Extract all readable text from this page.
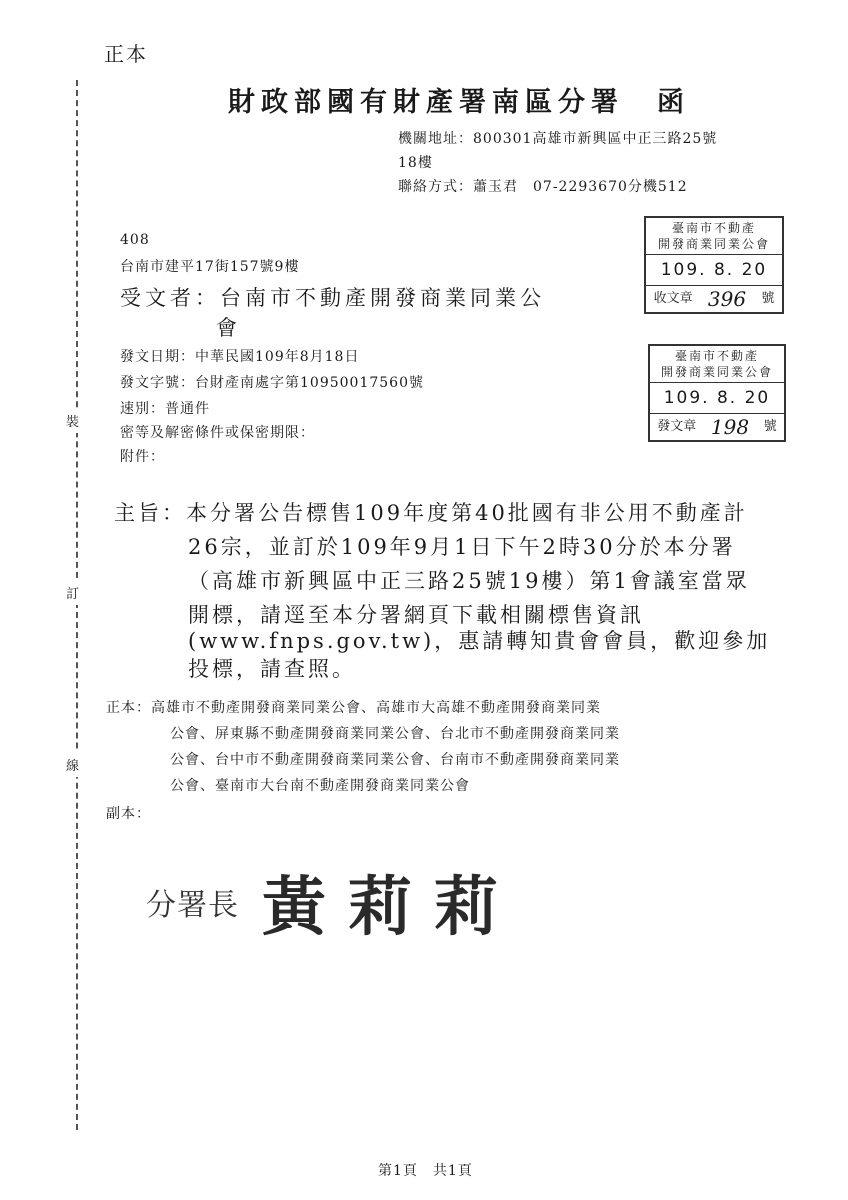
正本
財政部國有財產署南區分署　函
機關地址：800301高雄市新興區中正三路25號
18樓
聯絡方式：蕭玉君　07-2293670分機512
裝
訂
線
408
台南市建平17街157號9樓
受文者：台南市不動產開發商業同業公
會
發文日期：中華民國109年8月18日
發文字號：台財產南處字第10950017560號
速別：普通件
密等及解密條件或保密期限：
附件：
臺南市不動產
開發商業同業公會
109. 8. 20
收文章 396 號
臺南市不動產
開發商業同業公會
109. 8. 20
發文章 198 號
主旨：本分署公告標售109年度第40批國有非公用不動產計
26宗，並訂於109年9月1日下午2時30分於本分署
（高雄市新興區中正三路25號19樓）第1會議室當眾
開標，請逕至本分署網頁下載相關標售資訊
(www.fnps.gov.tw)，惠請轉知貴會會員，歡迎參加
投標，請查照。
正本：高雄市不動產開發商業同業公會、高雄市大高雄不動產開發商業同業
公會、屏東縣不動產開發商業同業公會、台北市不動產開發商業同業
公會、台中市不動產開發商業同業公會、台南市不動產開發商業同業
公會、臺南市大台南不動產開發商業同業公會
副本：
分署長 黃莉莉
第1頁　共1頁
